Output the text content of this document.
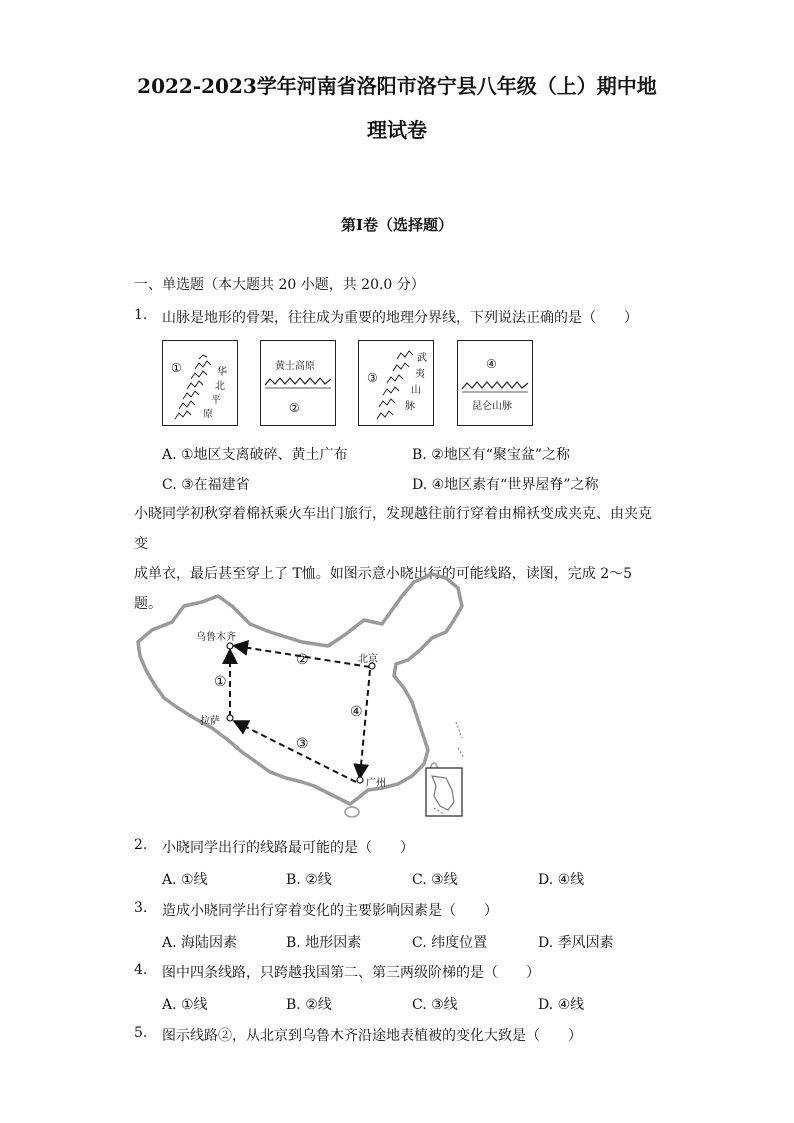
2022-2023学年河南省洛阳市洛宁县八年级（上）期中地
理试卷
第Ⅰ卷（选择题）
一、单选题（本大题共 20 小题，共 20.0 分）
1. 山脉是地形的骨架，往往成为重要的地理分界线，下列说法正确的是（　　）
①	华
北
平
原
黄土高原
②
③
武
夷
山
脉
④
昆仑山脉
A. ①地区支离破碎、黄土广布	B. ②地区有“聚宝盆”之称
C. ③在福建省	D. ④地区素有“世界屋脊”之称
小晓同学初秋穿着棉袄乘火车出门旅行，发现越往前行穿着由棉袄变成夹克、由夹克变
成单衣，最后甚至穿上了 T恤。如图示意小晓出行的可能线路，读图，完成 2～5 题。
乌鲁木齐
北京
拉萨
广州
①
②
③
④
2. 小晓同学出行的线路最可能的是（　　）
A. ①线	B. ②线	C. ③线	D. ④线
3. 造成小晓同学出行穿着变化的主要影响因素是（　　）
A. 海陆因素	B. 地形因素	C. 纬度位置	D. 季风因素
4. 图中四条线路，只跨越我国第二、第三两级阶梯的是（　　）
A. ①线	B. ②线	C. ③线	D. ④线
5. 图示线路②，从北京到乌鲁木齐沿途地表植被的变化大致是（　　）
